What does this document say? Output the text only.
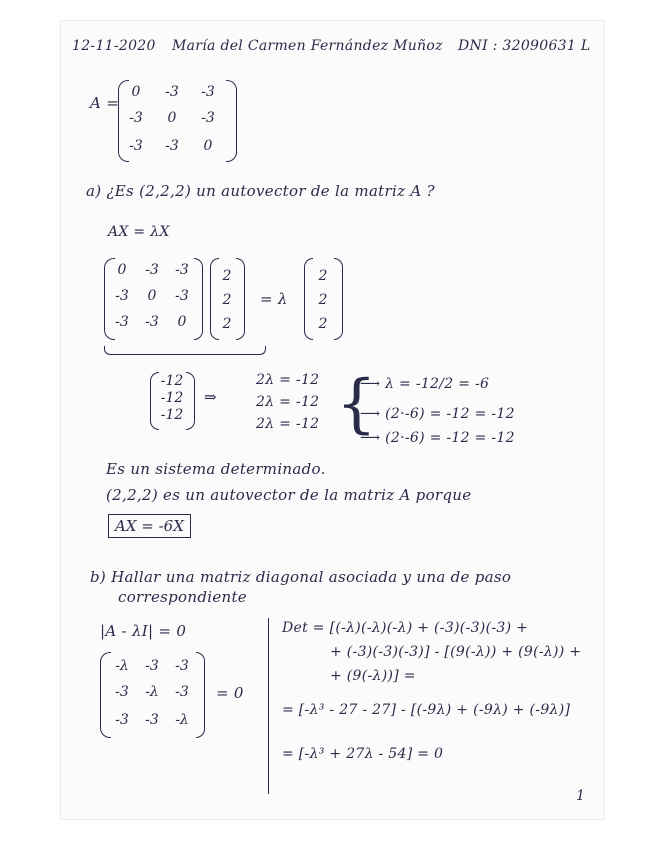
12-11-2020 María del Carmen Fernández Muñoz DNI : 32090631 L
A =
0	-3	-3
-3	0	-3
-3	-3	0
a) ¿Es (2,2,2) un autovector de la matriz A ?
AX = λX
0	-3	-3
-3	0	-3
-3	-3	0
2
2
2
= λ
2
2
2
-12
-12
-12
⇒
2λ = -12
2λ = -12
2λ = -12 {
⟶ λ = -12/2 = -6
⟶ (2·-6) = -12 = -12
⟶ (2·-6) = -12 = -12
Es un sistema determinado.
(2,2,2) es un autovector de la matriz A porque
AX = -6X
b) Hallar una matriz diagonal asociada y una de paso
correspondiente
|A - λI| = 0
-λ	-3	-3
-3	-λ	-3
-3	-3	-λ
= 0
Det = [(-λ)(-λ)(-λ) + (-3)(-3)(-3) +
+ (-3)(-3)(-3)] - [(9(-λ)) + (9(-λ)) +
+ (9(-λ))] =
= [-λ³ - 27 - 27] - [(-9λ) + (-9λ) + (-9λ)]
= [-λ³ + 27λ - 54] = 0
1
